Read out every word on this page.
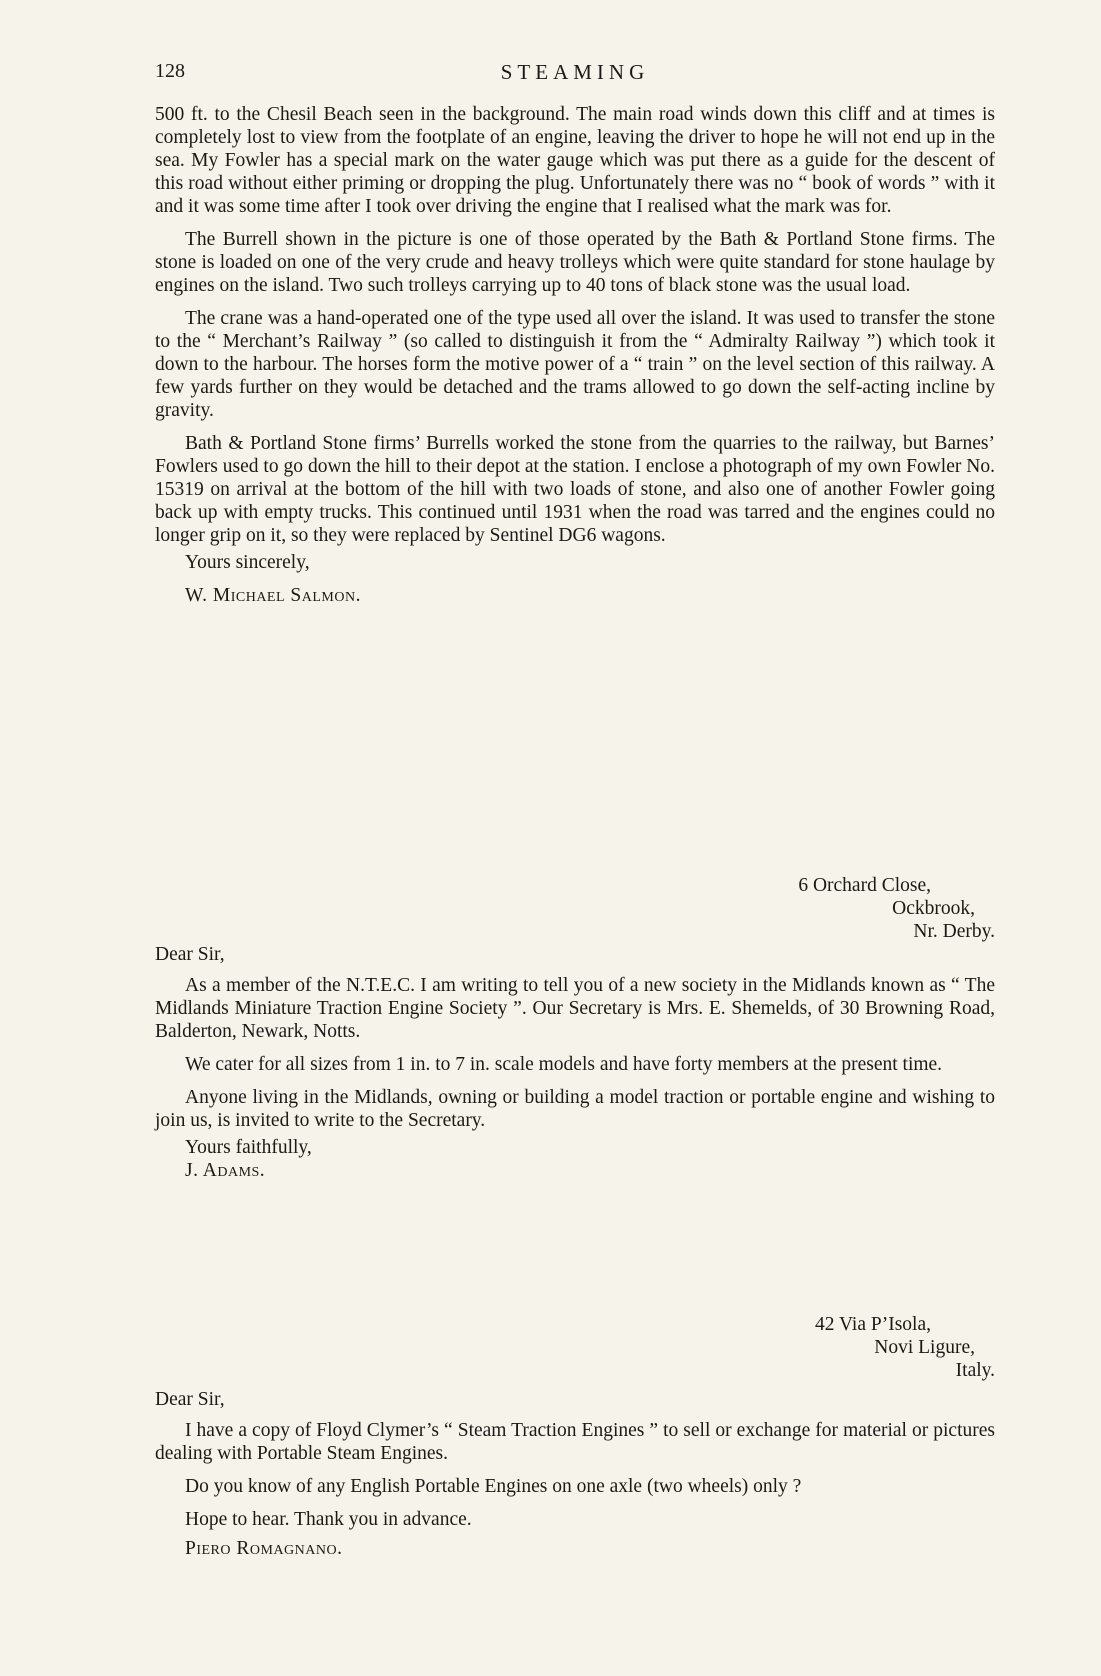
128	STEAMING

500 ft. to the Chesil Beach seen in the background. The main road winds down this cliff and at times is completely lost to view from the footplate of an engine, leaving the driver to hope he will not end up in the sea. My Fowler has a special mark on the water gauge which was put there as a guide for the descent of this road without either priming or dropping the plug. Unfortunately there was no “ book of words ” with it and it was some time after I took over driving the engine that I realised what the mark was for.

The Burrell shown in the picture is one of those operated by the Bath & Portland Stone firms. The stone is loaded on one of the very crude and heavy trolleys which were quite standard for stone haulage by engines on the island. Two such trolleys carrying up to 40 tons of black stone was the usual load.

The crane was a hand-operated one of the type used all over the island. It was used to transfer the stone to the “ Merchant’s Railway ” (so called to distinguish it from the “ Admiralty Railway ”) which took it down to the harbour. The horses form the motive power of a “ train ” on the level section of this railway. A few yards further on they would be detached and the trams allowed to go down the self-acting incline by gravity.

Bath & Portland Stone firms’ Burrells worked the stone from the quarries to the railway, but Barnes’ Fowlers used to go down the hill to their depot at the station. I enclose a photograph of my own Fowler No. 15319 on arrival at the bottom of the hill with two loads of stone, and also one of another Fowler going back up with empty trucks. This continued until 1931 when the road was tarred and the engines could no longer grip on it, so they were replaced by Sentinel DG6 wagons.

Yours sincerely,

W. Michael Salmon.

6 Orchard Close,
Ockbrook,
Nr. Derby.
Dear Sir,

As a member of the N.T.E.C. I am writing to tell you of a new society in the Midlands known as “ The Midlands Miniature Traction Engine Society ”. Our Secretary is Mrs. E. Shemelds, of 30 Browning Road, Balderton, Newark, Notts.

We cater for all sizes from 1 in. to 7 in. scale models and have forty members at the present time.

Anyone living in the Midlands, owning or building a model traction or portable engine and wishing to join us, is invited to write to the Secretary.

Yours faithfully,

J. Adams.

42 Via P’Isola,
Novi Ligure,
Italy.
Dear Sir,

I have a copy of Floyd Clymer’s “ Steam Traction Engines ” to sell or exchange for material or pictures dealing with Portable Steam Engines.

Do you know of any English Portable Engines on one axle (two wheels) only ?

Hope to hear. Thank you in advance.

Piero Romagnano.
